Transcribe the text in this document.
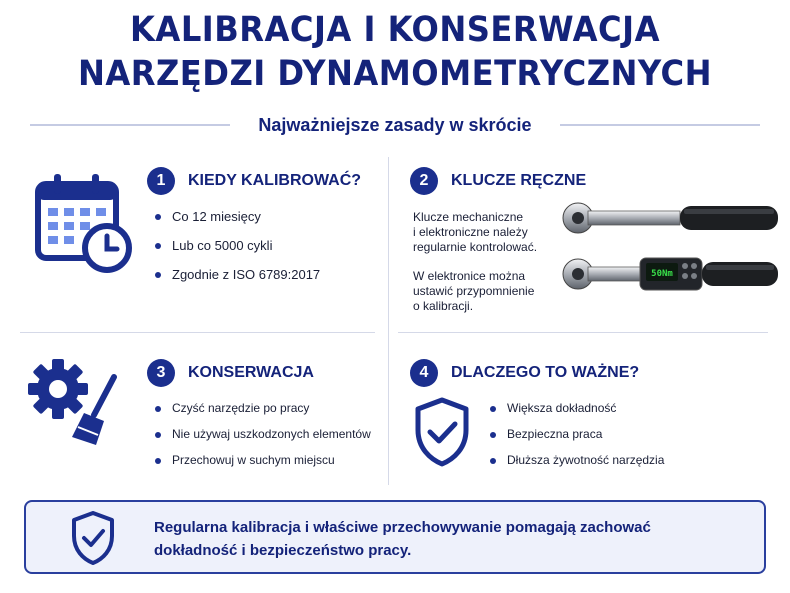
KALIBRACJA I KONSERWACJA
NARZĘDZI DYNAMOMETRYCZNYCH
Najważniejsze zasady w skrócie
1	KIEDY KALIBROWAĆ?
Co 12 miesięcy
Lub co 5000 cykli
Zgodnie z ISO 6789:2017
2	KLUCZE RĘCZNE
Klucze mechaniczne
i elektroniczne należy
regularnie kontrolować.
W elektronice można
ustawić przypomnienie
o kalibracji.
50Nm
3	KONSERWACJA
Czyść narzędzie po pracy
Nie używaj uszkodzonych elementów
Przechowuj w suchym miejscu
4	DLACZEGO TO WAŻNE?
Większa dokładność
Bezpieczna praca
Dłuższa żywotność narzędzia
Regularna kalibracja i właściwe przechowywanie pomagają zachować
dokładność i bezpieczeństwo pracy.
